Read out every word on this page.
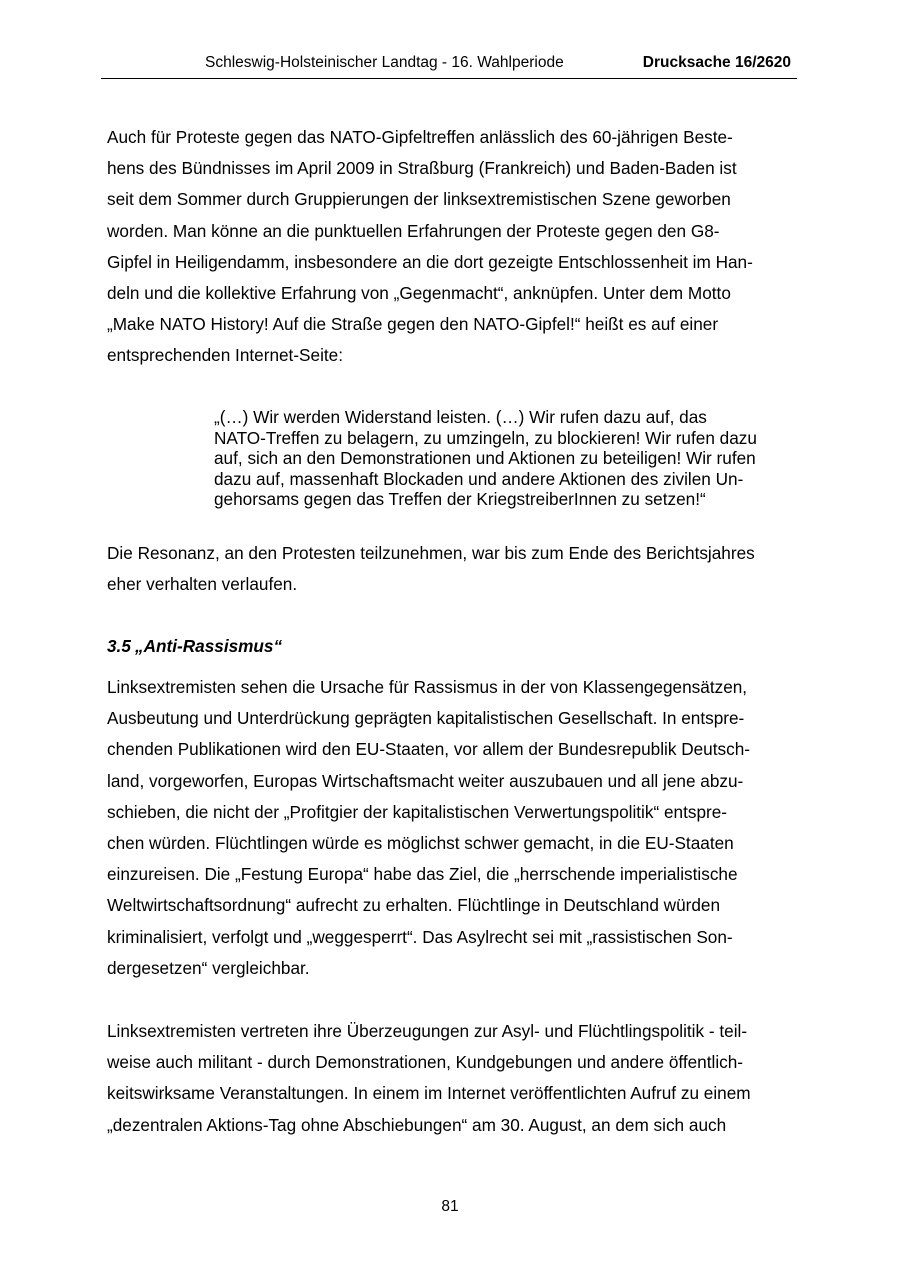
Schleswig-Holsteinischer Landtag - 16. Wahlperiode	Drucksache 16/2620

Auch für Proteste gegen das NATO-Gipfeltreffen anlässlich des 60-jährigen Beste-
hens des Bündnisses im April 2009 in Straßburg (Frankreich) und Baden-Baden ist
seit dem Sommer durch Gruppierungen der linksextremistischen Szene geworben
worden. Man könne an die punktuellen Erfahrungen der Proteste gegen den G8-
Gipfel in Heiligendamm, insbesondere an die dort gezeigte Entschlossenheit im Han-
deln und die kollektive Erfahrung von „Gegenmacht“, anknüpfen. Unter dem Motto
„Make NATO History! Auf die Straße gegen den NATO-Gipfel!“ heißt es auf einer
entsprechenden Internet-Seite:

„(…) Wir werden Widerstand leisten. (…) Wir rufen dazu auf, das
NATO-Treffen zu belagern, zu umzingeln, zu blockieren! Wir rufen dazu
auf, sich an den Demonstrationen und Aktionen zu beteiligen! Wir rufen
dazu auf, massenhaft Blockaden und andere Aktionen des zivilen Un-
gehorsams gegen das Treffen der KriegstreiberInnen zu setzen!“

Die Resonanz, an den Protesten teilzunehmen, war bis zum Ende des Berichtsjahres
eher verhalten verlaufen.

3.5 „Anti-Rassismus“

Linksextremisten sehen die Ursache für Rassismus in der von Klassengegensätzen,
Ausbeutung und Unterdrückung geprägten kapitalistischen Gesellschaft. In entspre-
chenden Publikationen wird den EU-Staaten, vor allem der Bundesrepublik Deutsch-
land, vorgeworfen, Europas Wirtschaftsmacht weiter auszubauen und all jene abzu-
schieben, die nicht der „Profitgier der kapitalistischen Verwertungspolitik“ entspre-
chen würden. Flüchtlingen würde es möglichst schwer gemacht, in die EU-Staaten
einzureisen. Die „Festung Europa“ habe das Ziel, die „herrschende imperialistische
Weltwirtschaftsordnung“ aufrecht zu erhalten. Flüchtlinge in Deutschland würden
kriminalisiert, verfolgt und „weggesperrt“. Das Asylrecht sei mit „rassistischen Son-
dergesetzen“ vergleichbar.

Linksextremisten vertreten ihre Überzeugungen zur Asyl- und Flüchtlingspolitik - teil-
weise auch militant - durch Demonstrationen, Kundgebungen und andere öffentlich-
keitswirksame Veranstaltungen. In einem im Internet veröffentlichten Aufruf zu einem
„dezentralen Aktions-Tag ohne Abschiebungen“ am 30. August, an dem sich auch

81
